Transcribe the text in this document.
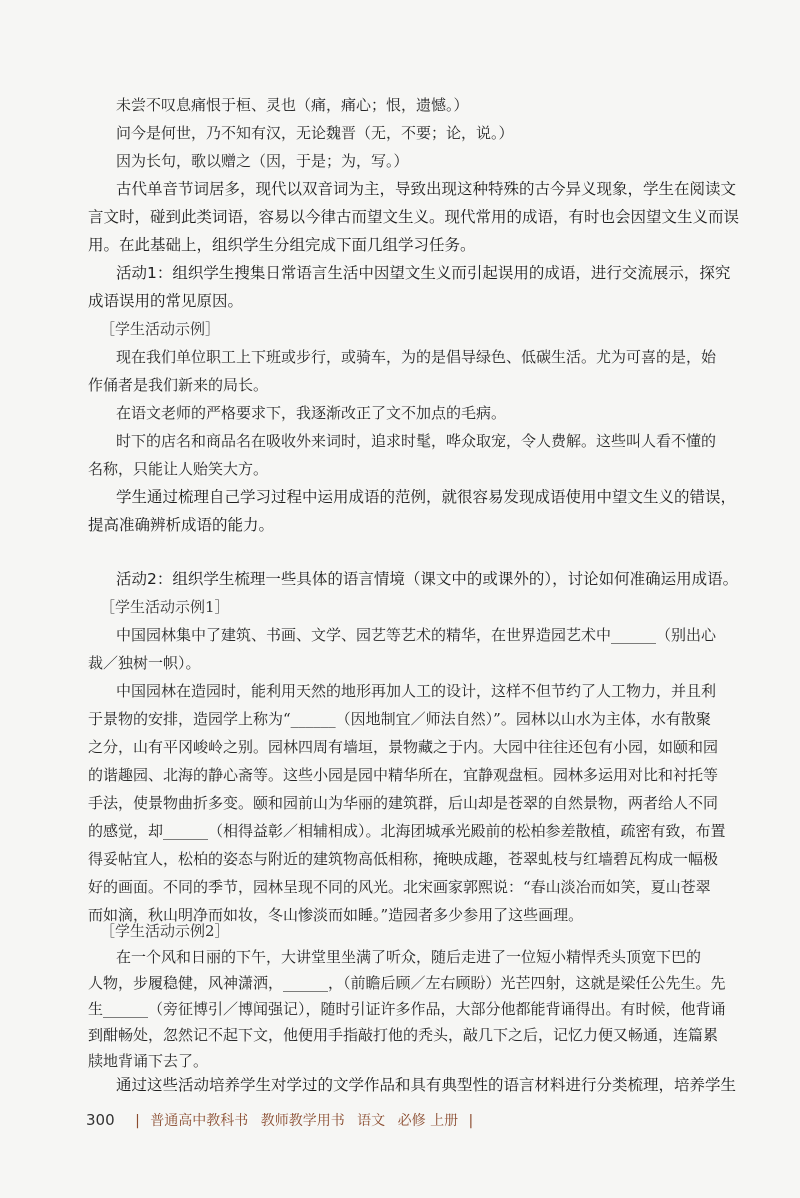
未尝不叹息痛恨于桓、灵也（痛，痛心；恨，遗憾。）
问今是何世，乃不知有汉，无论魏晋（无，不要；论，说。）
因为长句，歌以赠之（因，于是；为，写。）
古代单音节词居多，现代以双音词为主，导致出现这种特殊的古今异义现象，学生在阅读文
言文时，碰到此类词语，容易以今律古而望文生义。现代常用的成语，有时也会因望文生义而误
用。在此基础上，组织学生分组完成下面几组学习任务。
活动1：组织学生搜集日常语言生活中因望文生义而引起误用的成语，进行交流展示，探究
成语误用的常见原因。
［学生活动示例］
现在我们单位职工上下班或步行，或骑车，为的是倡导绿色、低碳生活。尤为可喜的是，始
作俑者是我们新来的局长。
在语文老师的严格要求下，我逐渐改正了文不加点的毛病。
时下的店名和商品名在吸收外来词时，追求时髦，哗众取宠，令人费解。这些叫人看不懂的
名称，只能让人贻笑大方。
学生通过梳理自己学习过程中运用成语的范例，就很容易发现成语使用中望文生义的错误，
提高准确辨析成语的能力。
活动2：组织学生梳理一些具体的语言情境（课文中的或课外的），讨论如何准确运用成语。
［学生活动示例1］
中国园林集中了建筑、书画、文学、园艺等艺术的精华，在世界造园艺术中______（别出心
裁／独树一帜）。
中国园林在造园时，能利用天然的地形再加人工的设计，这样不但节约了人工物力，并且利
于景物的安排，造园学上称为“______（因地制宜／师法自然）”。园林以山水为主体，水有散聚
之分，山有平冈峻岭之别。园林四周有墙垣，景物藏之于内。大园中往往还包有小园，如颐和园
的谐趣园、北海的静心斋等。这些小园是园中精华所在，宜静观盘桓。园林多运用对比和衬托等
手法，使景物曲折多变。颐和园前山为华丽的建筑群，后山却是苍翠的自然景物，两者给人不同
的感觉，却______（相得益彰／相辅相成）。北海团城承光殿前的松柏参差散植，疏密有致，布置
得妥帖宜人，松柏的姿态与附近的建筑物高低相称，掩映成趣，苍翠虬枝与红墙碧瓦构成一幅极
好的画面。不同的季节，园林呈现不同的风光。北宋画家郭熙说：“春山淡冶而如笑，夏山苍翠
而如滴，秋山明净而如妆，冬山惨淡而如睡。”造园者多少参用了这些画理。
［学生活动示例2］
在一个风和日丽的下午，大讲堂里坐满了听众，随后走进了一位短小精悍秃头顶宽下巴的
人物，步履稳健，风神潇洒，______，（前瞻后顾／左右顾盼）光芒四射，这就是梁任公先生。先
生______（旁征博引／博闻强记），随时引证许多作品，大部分他都能背诵得出。有时候，他背诵
到酣畅处，忽然记不起下文，他便用手指敲打他的秃头，敲几下之后，记忆力便又畅通，连篇累
牍地背诵下去了。
通过这些活动培养学生对学过的文学作品和具有典型性的语言材料进行分类梳理，培养学生
300 | 普通高中教科书 教师教学用书 语文 必修 上册 |
